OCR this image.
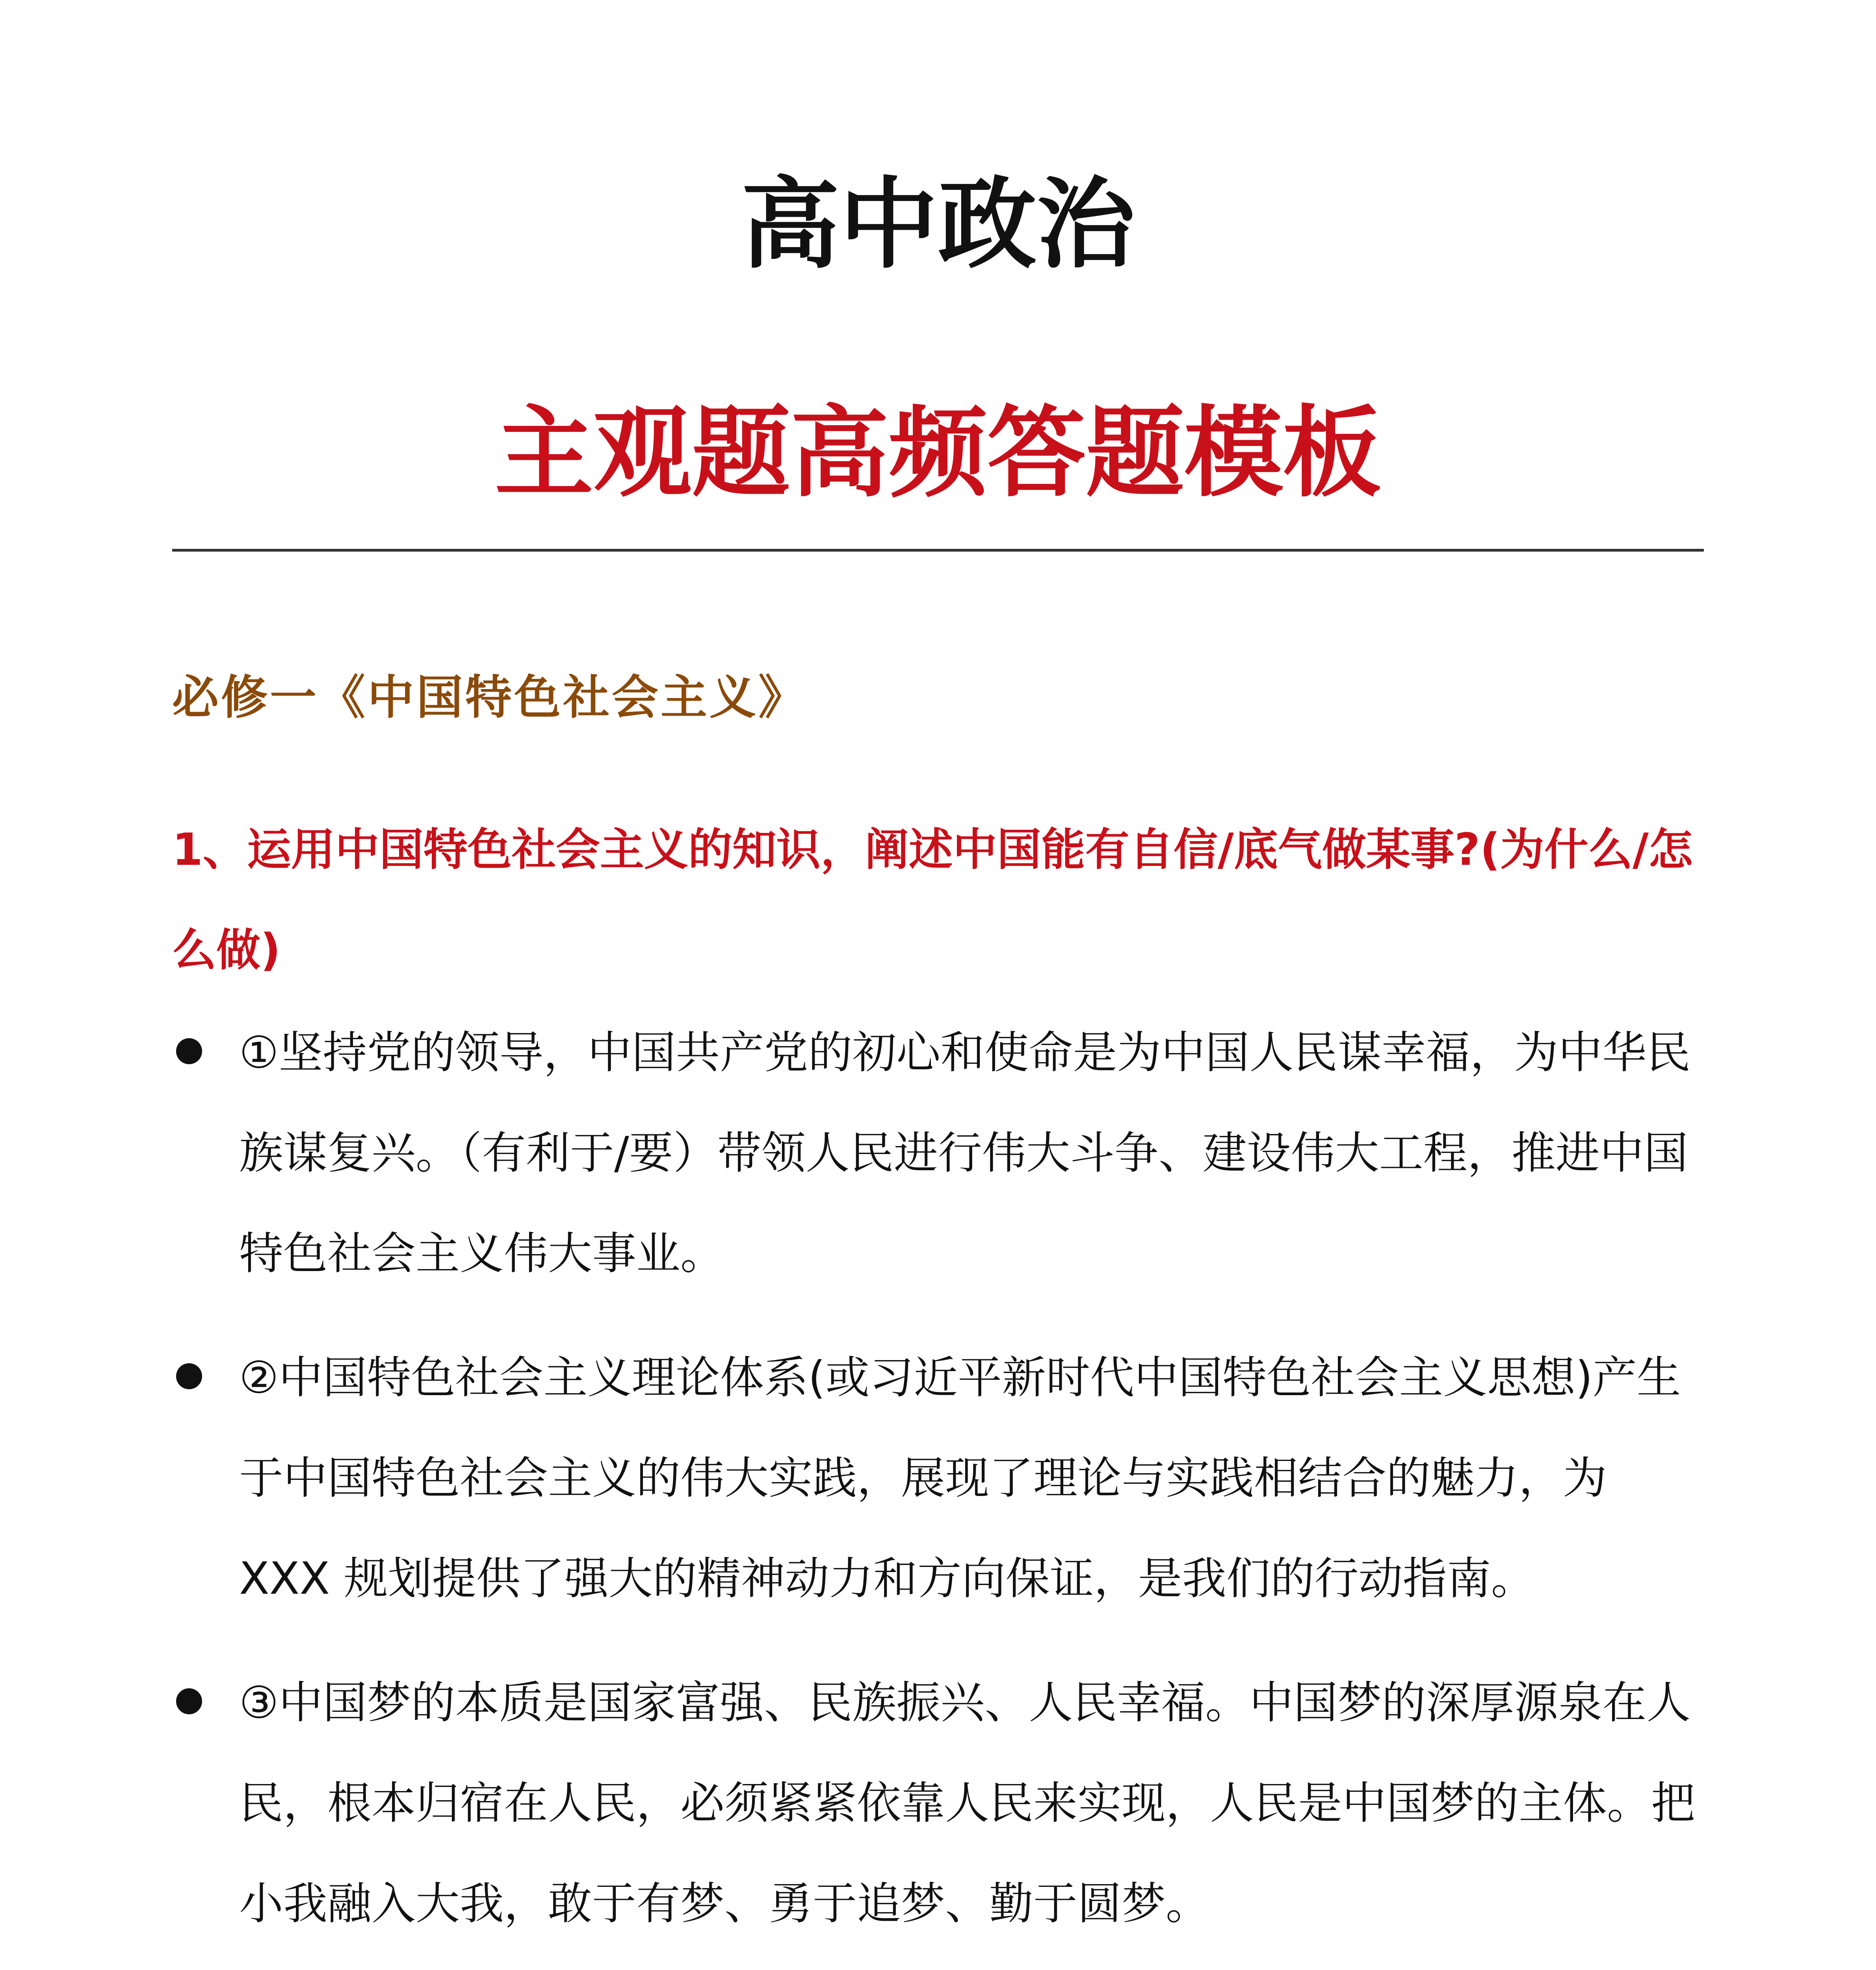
高中政治
主观题高频答题模板
必修一《中国特色社会主义》
1、运用中国特色社会主义的知识，阐述中国能有自信/底气做某事?(为什么/怎么做)
①坚持党的领导，中国共产党的初心和使命是为中国人民谋幸福，为中华民族谋复兴。（有利于/要）带领人民进行伟大斗争、建设伟大工程，推进中国特色社会主义伟大事业。
②中国特色社会主义理论体系(或习近平新时代中国特色社会主义思想)产生于中国特色社会主义的伟大实践，展现了理论与实践相结合的魅力，为 XXX 规划提供了强大的精神动力和方向保证，是我们的行动指南。
③中国梦的本质是国家富强、民族振兴、人民幸福。中国梦的深厚源泉在人民，根本归宿在人民，必须紧紧依靠人民来实现，人民是中国梦的主体。把小我融入大我，敢于有梦、勇于追梦、勤于圆梦。
